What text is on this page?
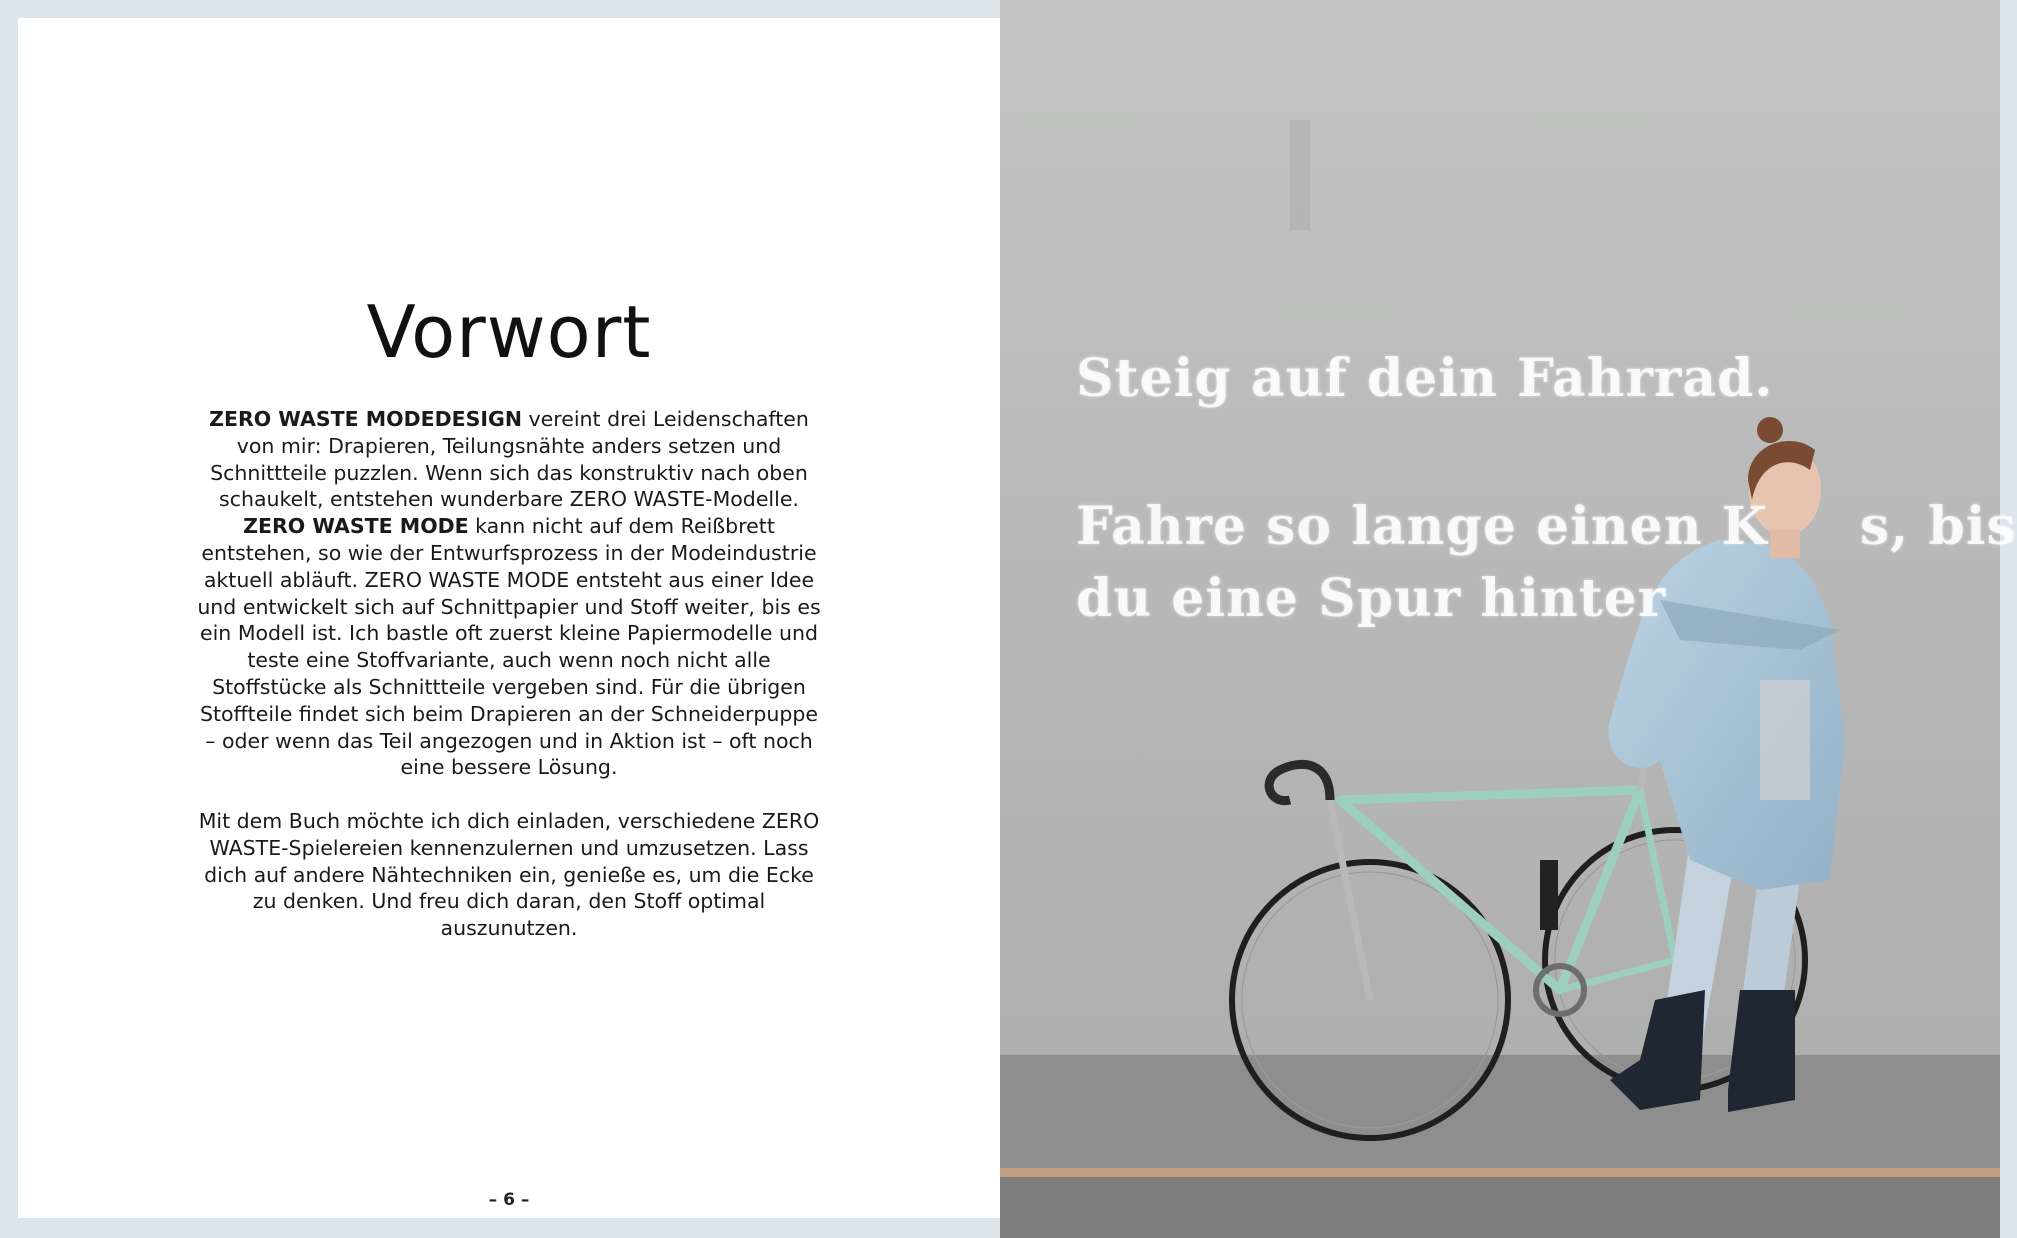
Vorwort

ZERO WASTE MODEDESIGN vereint drei Leidenschaften von mir: Drapieren, Teilungsnähte anders setzen und Schnittteile puzzlen. Wenn sich das konstruktiv nach oben schaukelt, entstehen wunderbare ZERO WASTE-Modelle. ZERO WASTE MODE kann nicht auf dem Reißbrett entstehen, so wie der Entwurfsprozess in der Modeindustrie aktuell abläuft. ZERO WASTE MODE entsteht aus einer Idee und entwickelt sich auf Schnittpapier und Stoff weiter, bis es ein Modell ist. Ich bastle oft zuerst kleine Papiermodelle und teste eine Stoffvariante, auch wenn noch nicht alle Stoffstücke als Schnittteile vergeben sind. Für die übrigen Stoffteile findet sich beim Drapieren an der Schneiderpuppe – oder wenn das Teil angezogen und in Aktion ist – oft noch eine bessere Lösung.

Mit dem Buch möchte ich dich einladen, verschiedene ZERO WASTE-Spielereien kennenzulernen und umzusetzen. Lass dich auf andere Nähtechniken ein, genieße es, um die Ecke zu denken. Und freu dich daran, den Stoff optimal auszunutzen.

– 6 –
Steig auf dein Fahrrad.
Fahre so lange einen K s, bis
du eine Spur hinter
